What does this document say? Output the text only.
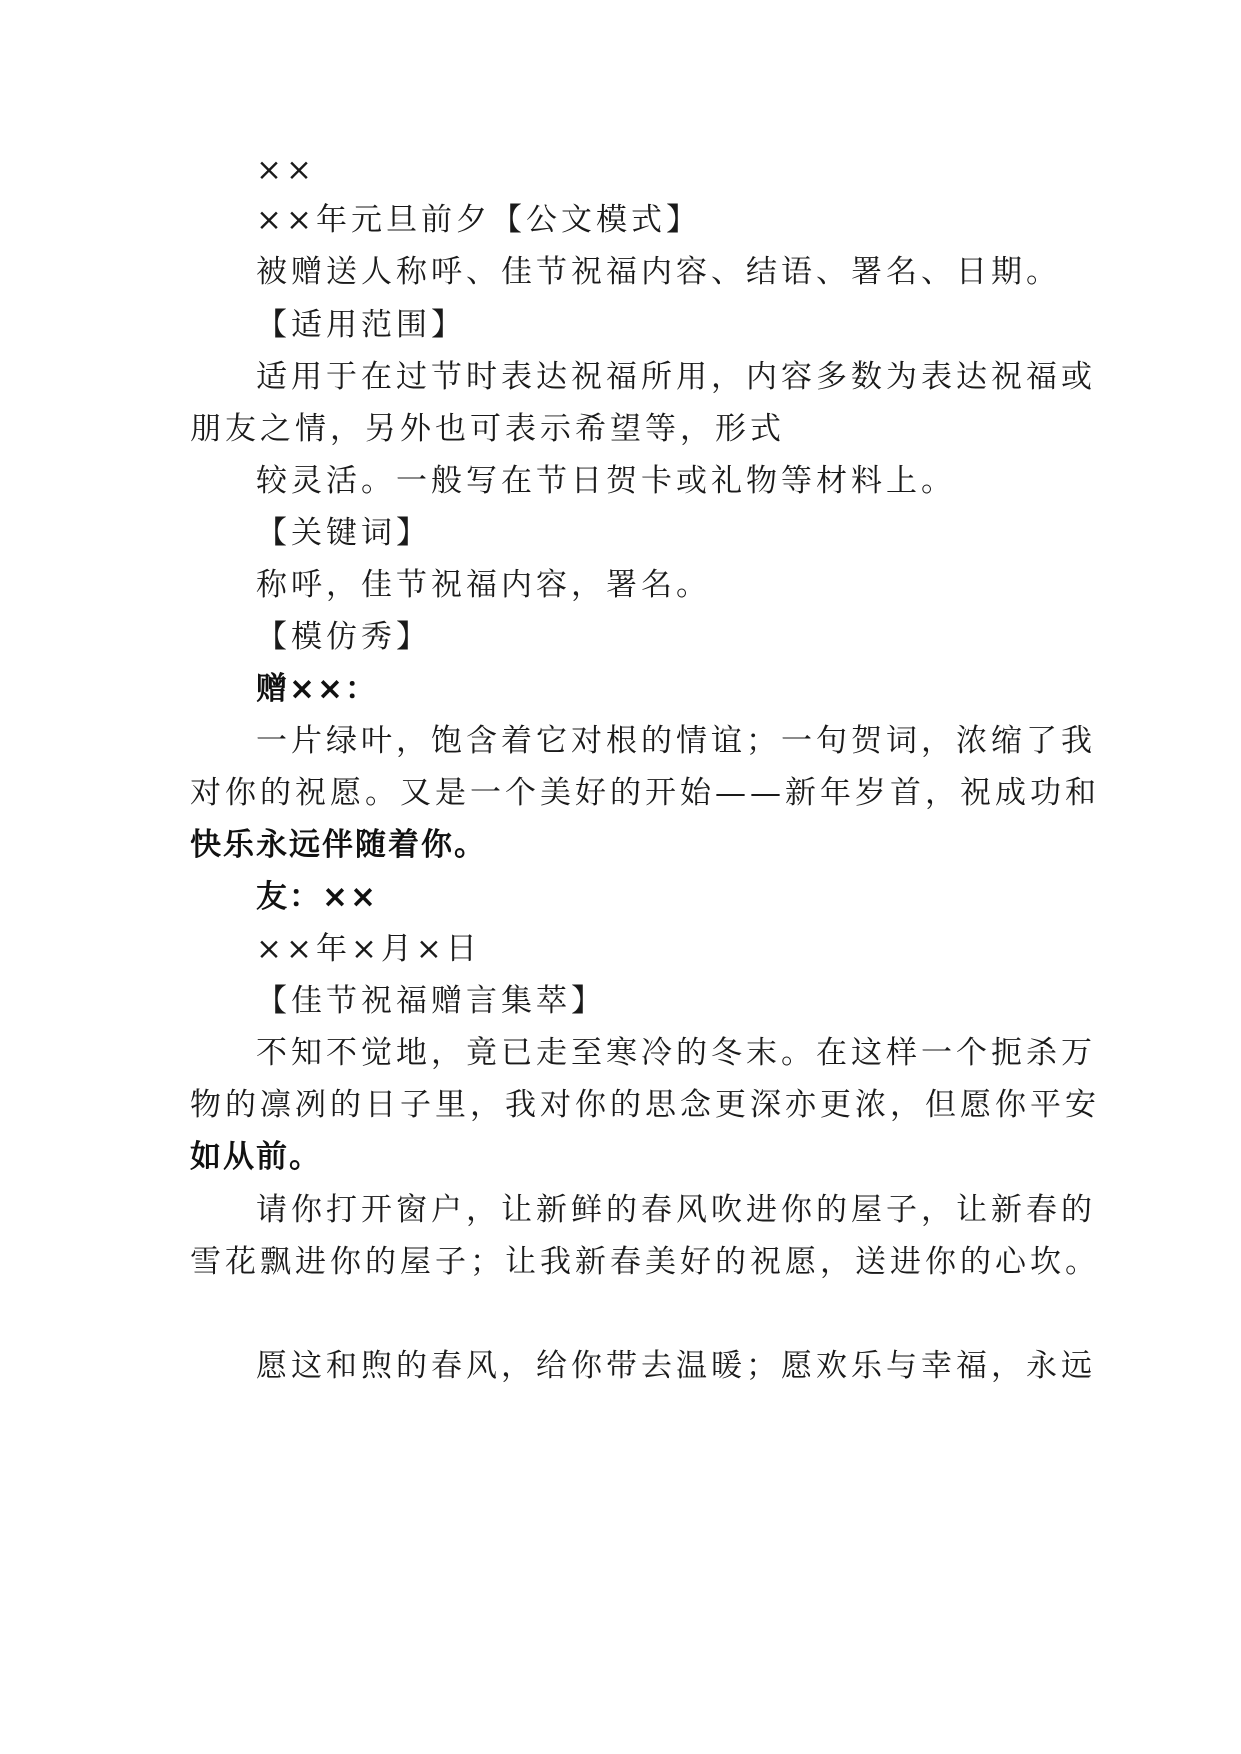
××
××年元旦前夕【公文模式】
被赠送人称呼、佳节祝福内容、结语、署名、日期。
【适用范围】
适用于在过节时表达祝福所用，内容多数为表达祝福或
朋友之情，另外也可表示希望等，形式
较灵活。一般写在节日贺卡或礼物等材料上。
【关键词】
称呼，佳节祝福内容，署名。
【模仿秀】
赠××：
一片绿叶，饱含着它对根的情谊；一句贺词，浓缩了我
对你的祝愿。又是一个美好的开始——新年岁首，祝成功和
快乐永远伴随着你。
友：××
××年×月×日
【佳节祝福赠言集萃】
不知不觉地，竟已走至寒冷的冬末。在这样一个扼杀万
物的凛冽的日子里，我对你的思念更深亦更浓，但愿你平安
如从前。
请你打开窗户，让新鲜的春风吹进你的屋子，让新春的
雪花飘进你的屋子；让我新春美好的祝愿，送进你的心坎。
愿这和煦的春风，给你带去温暖；愿欢乐与幸福，永远
